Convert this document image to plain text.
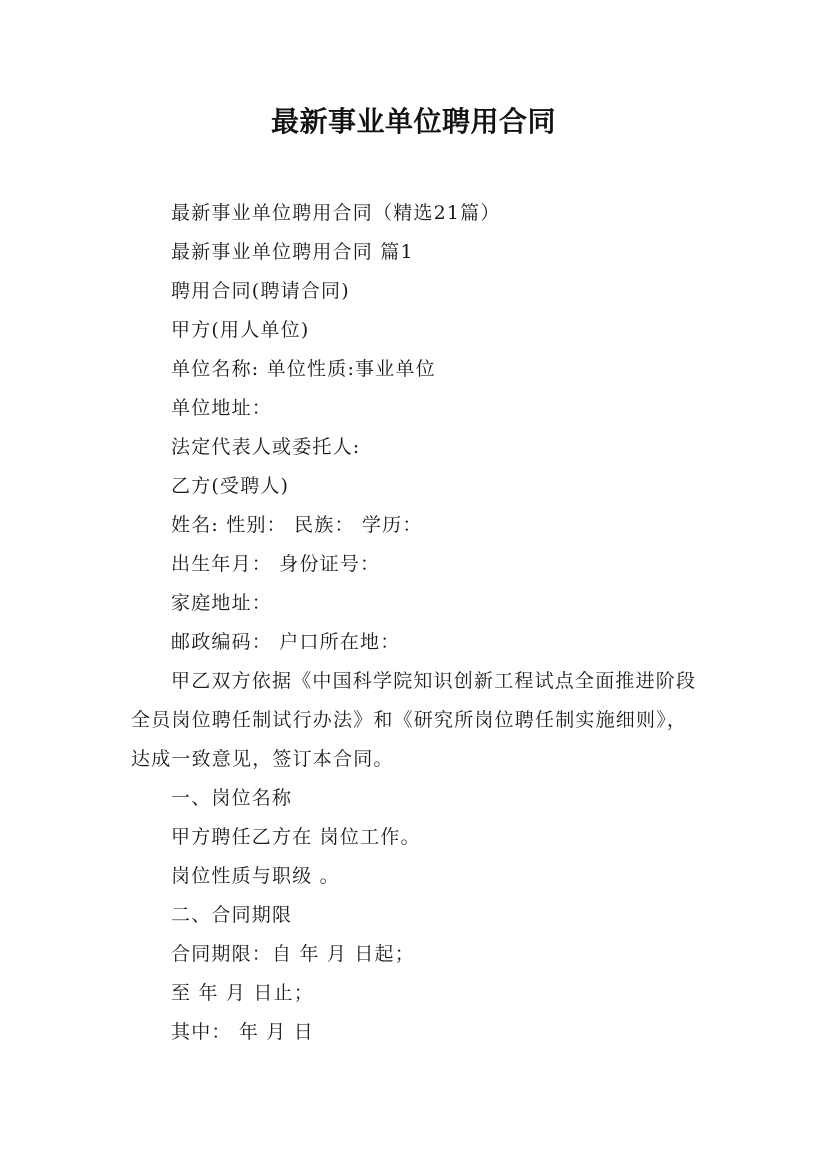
最新事业单位聘用合同

最新事业单位聘用合同（精选21篇）

最新事业单位聘用合同 篇1

聘用合同(聘请合同)

甲方(用人单位)

单位名称: 单位性质:事业单位

单位地址：

法定代表人或委托人:

乙方(受聘人)

姓名: 性别： 民族： 学历：

出生年月： 身份证号：

家庭地址：

邮政编码： 户口所在地：

甲乙双方依据《中国科学院知识创新工程试点全面推进阶段全员岗位聘任制试行办法》和《研究所岗位聘任制实施细则》，达成一致意见，签订本合同。

一、岗位名称

甲方聘任乙方在 岗位工作。

岗位性质与职级 。

二、合同期限

合同期限：自 年 月 日起；

至 年 月 日止；

其中： 年 月 日
